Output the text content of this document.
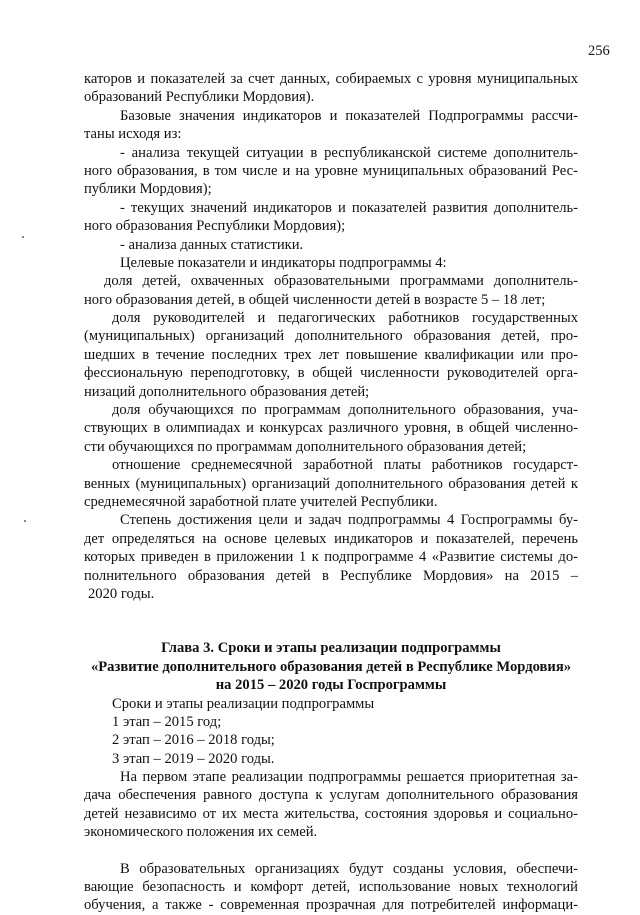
256
каторов и показателей за счет данных, собираемых с уровня муниципальных
образований Республики Мордовия).
Базовые значения индикаторов и показателей Подпрограммы рассчи-
таны исходя из:
- анализа текущей ситуации в республиканской системе дополнитель-
ного образования, в том числе и на уровне муниципальных образований Рес-
публики Мордовия);
- текущих значений индикаторов и показателей развития дополнитель-
ного образования Республики Мордовия);
- анализа данных статистики.
Целевые показатели и индикаторы подпрограммы 4:
доля детей, охваченных образовательными программами дополнитель-
ного образования детей, в общей численности детей в возрасте 5 – 18 лет;
доля руководителей и педагогических работников государственных
(муниципальных) организаций дополнительного образования детей, про-
шедших в течение последних трех лет повышение квалификации или про-
фессиональную переподготовку, в общей численности руководителей орга-
низаций дополнительного образования детей;
доля обучающихся по программам дополнительного образования, уча-
ствующих в олимпиадах и конкурсах различного уровня, в общей численно-
сти обучающихся по программам дополнительного образования детей;
отношение среднемесячной заработной платы работников государст-
венных (муниципальных) организаций дополнительного образования детей к
среднемесячной заработной плате учителей Республики.
Степень достижения цели и задач подпрограммы 4 Госпрограммы бу-
дет определяться на основе целевых индикаторов и показателей, перечень
которых приведен в приложении 1 к подпрограмме 4 «Развитие системы до-
полнительного образования детей в Республике Мордовия» на 2015 –
2020 годы.
Глава 3. Сроки и этапы реализации подпрограммы
«Развитие дополнительного образования детей в Республике Мордовия»
на 2015 – 2020 годы Госпрограммы
Сроки и этапы реализации подпрограммы
1 этап – 2015 год;
2 этап – 2016 – 2018 годы;
3 этап – 2019 – 2020 годы.
На первом этапе реализации подпрограммы решается приоритетная за-
дача обеспечения равного доступа к услугам дополнительного образования
детей независимо от их места жительства, состояния здоровья и социально-
экономического положения их семей.
В образовательных организациях будут созданы условия, обеспечи-
вающие безопасность и комфорт детей, использование новых технологий
обучения, а также - современная прозрачная для потребителей информаци-
